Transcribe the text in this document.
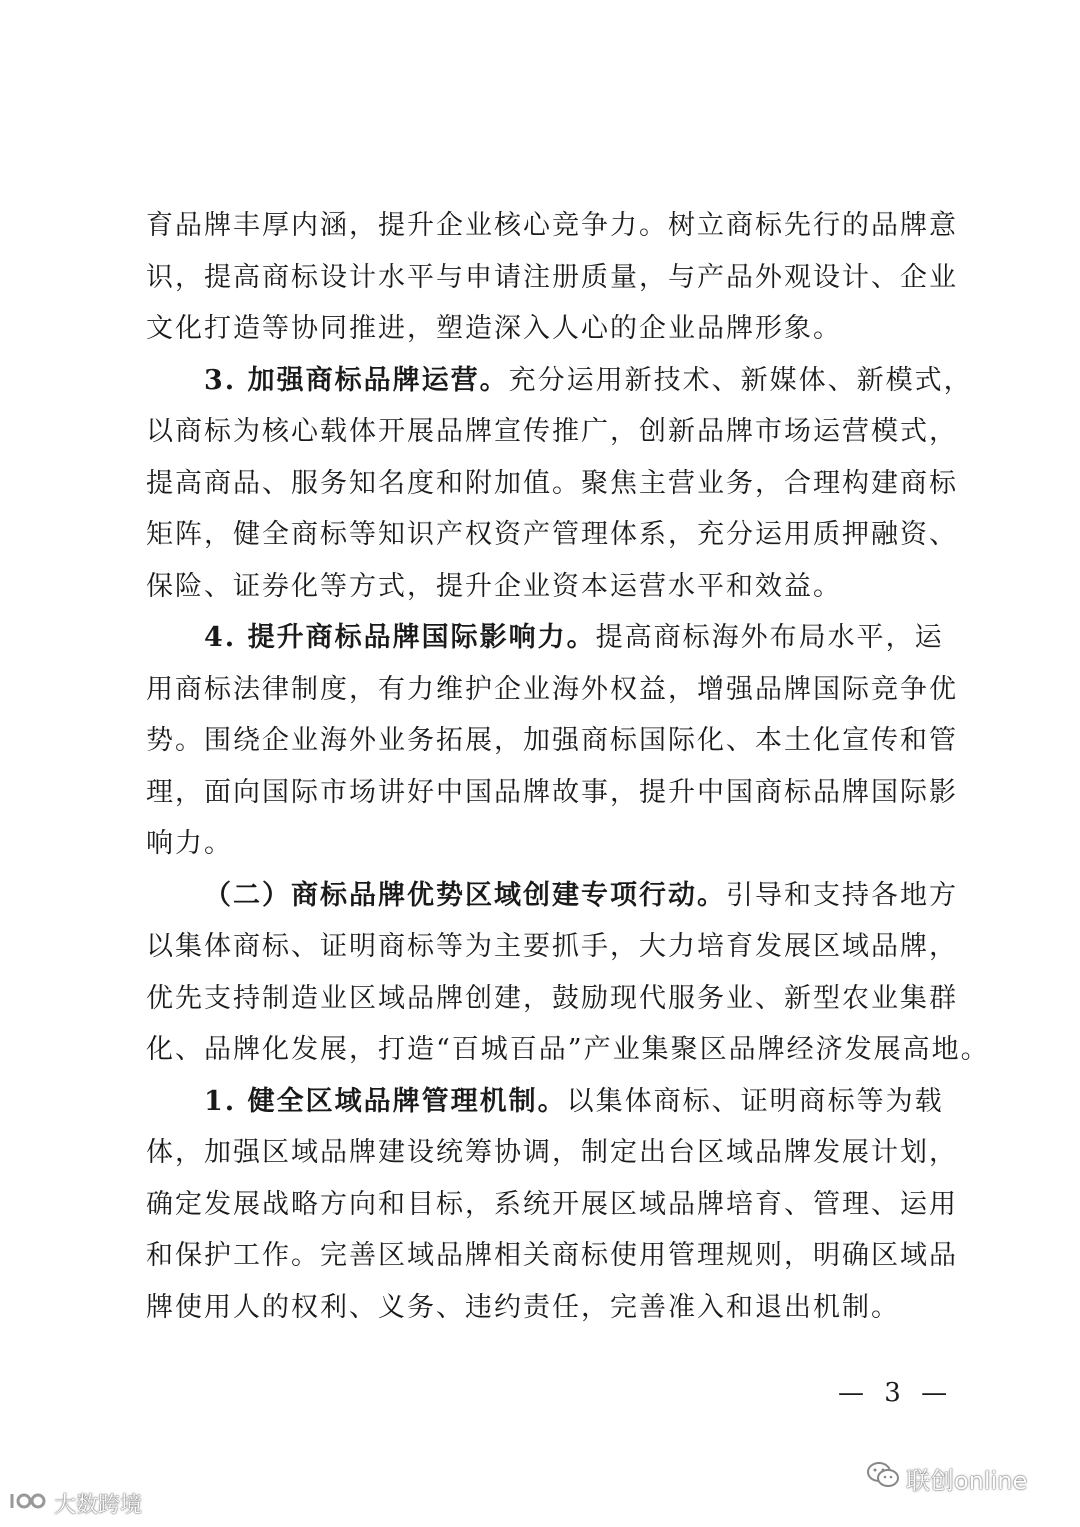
育品牌丰厚内涵，提升企业核心竞争力。树立商标先行的品牌意
识，提高商标设计水平与申请注册质量，与产品外观设计、企业
文化打造等协同推进，塑造深入人心的企业品牌形象。
3. 加强商标品牌运营。充分运用新技术、新媒体、新模式，
以商标为核心载体开展品牌宣传推广，创新品牌市场运营模式，
提高商品、服务知名度和附加值。聚焦主营业务，合理构建商标
矩阵，健全商标等知识产权资产管理体系，充分运用质押融资、
保险、证券化等方式，提升企业资本运营水平和效益。
4. 提升商标品牌国际影响力。提高商标海外布局水平，运
用商标法律制度，有力维护企业海外权益，增强品牌国际竞争优
势。围绕企业海外业务拓展，加强商标国际化、本土化宣传和管
理，面向国际市场讲好中国品牌故事，提升中国商标品牌国际影
响力。
（二）商标品牌优势区域创建专项行动。引导和支持各地方
以集体商标、证明商标等为主要抓手，大力培育发展区域品牌，
优先支持制造业区域品牌创建，鼓励现代服务业、新型农业集群
化、品牌化发展，打造“百城百品”产业集聚区品牌经济发展高地。
1. 健全区域品牌管理机制。以集体商标、证明商标等为载
体，加强区域品牌建设统筹协调，制定出台区域品牌发展计划，
确定发展战略方向和目标，系统开展区域品牌培育、管理、运用
和保护工作。完善区域品牌相关商标使用管理规则，明确区域品
牌使用人的权利、义务、违约责任，完善准入和退出机制。
— 3 —
联创online
大数跨境
